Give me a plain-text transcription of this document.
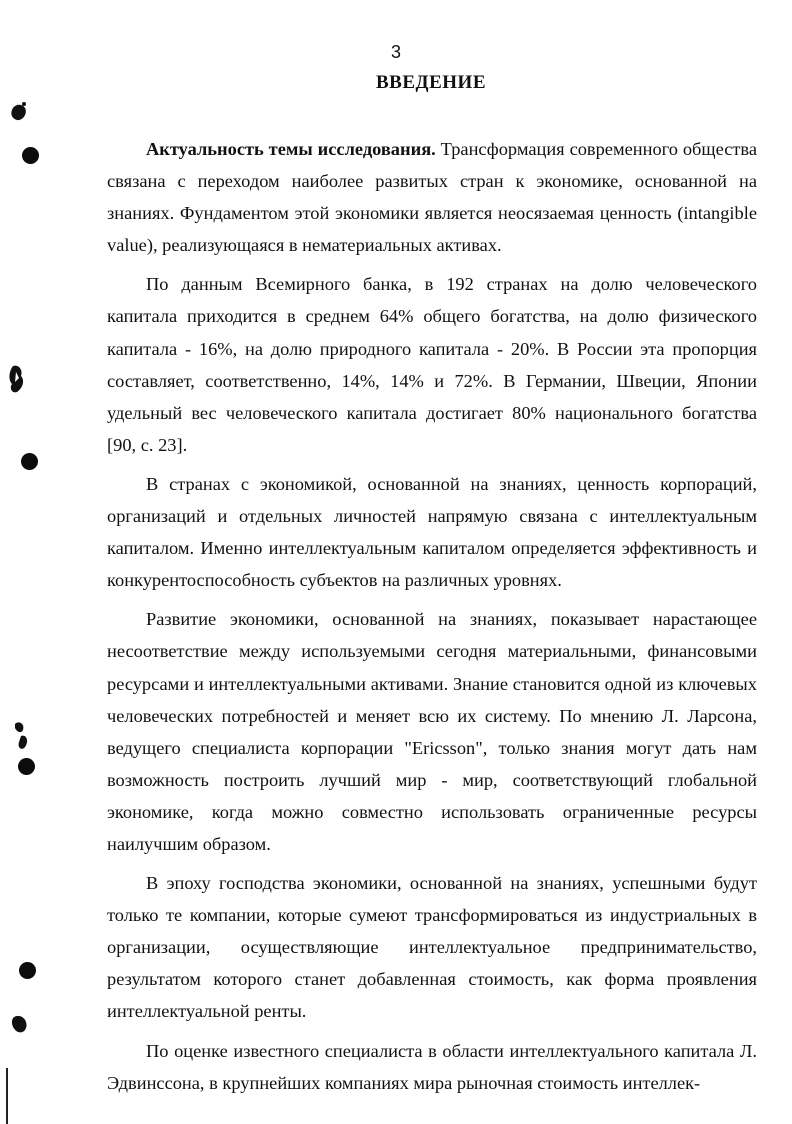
3
ВВЕДЕНИЕ

Актуальность темы исследования. Трансформация современного общества связана с переходом наиболее развитых стран к экономике, основанной на знаниях. Фундаментом этой экономики является неосязаемая ценность (intangible value), реализующаяся в нематериальных активах.

По данным Всемирного банка, в 192 странах на долю человеческого капитала приходится в среднем 64% общего богатства, на долю физического капитала - 16%, на долю природного капитала - 20%. В России эта пропорция составляет, соответственно, 14%, 14% и 72%. В Германии, Швеции, Японии удельный вес человеческого капитала достигает 80% национального богатства [90, с. 23].

В странах с экономикой, основанной на знаниях, ценность корпораций, организаций и отдельных личностей напрямую связана с интеллектуальным капиталом. Именно интеллектуальным капиталом определяется эффективность и конкурентоспособность субъектов на различных уровнях.

Развитие экономики, основанной на знаниях, показывает нарастающее несоответствие между используемыми сегодня материальными, финансовыми ресурсами и интеллектуальными активами. Знание становится одной из ключевых человеческих потребностей и меняет всю их систему. По мнению Л. Ларсона, ведущего специалиста корпорации "Ericsson", только знания могут дать нам возможность построить лучший мир - мир, соответствующий глобальной экономике, когда можно совместно использовать ограниченные ресурсы наилучшим образом.

В эпоху господства экономики, основанной на знаниях, успешными будут только те компании, которые сумеют трансформироваться из индустриальных в организации, осуществляющие интеллектуальное предпринимательство, результатом которого станет добавленная стоимость, как форма проявления интеллектуальной ренты.

По оценке известного специалиста в области интеллектуального капитала Л. Эдвинссона, в крупнейших компаниях мира рыночная стоимость интеллек-
